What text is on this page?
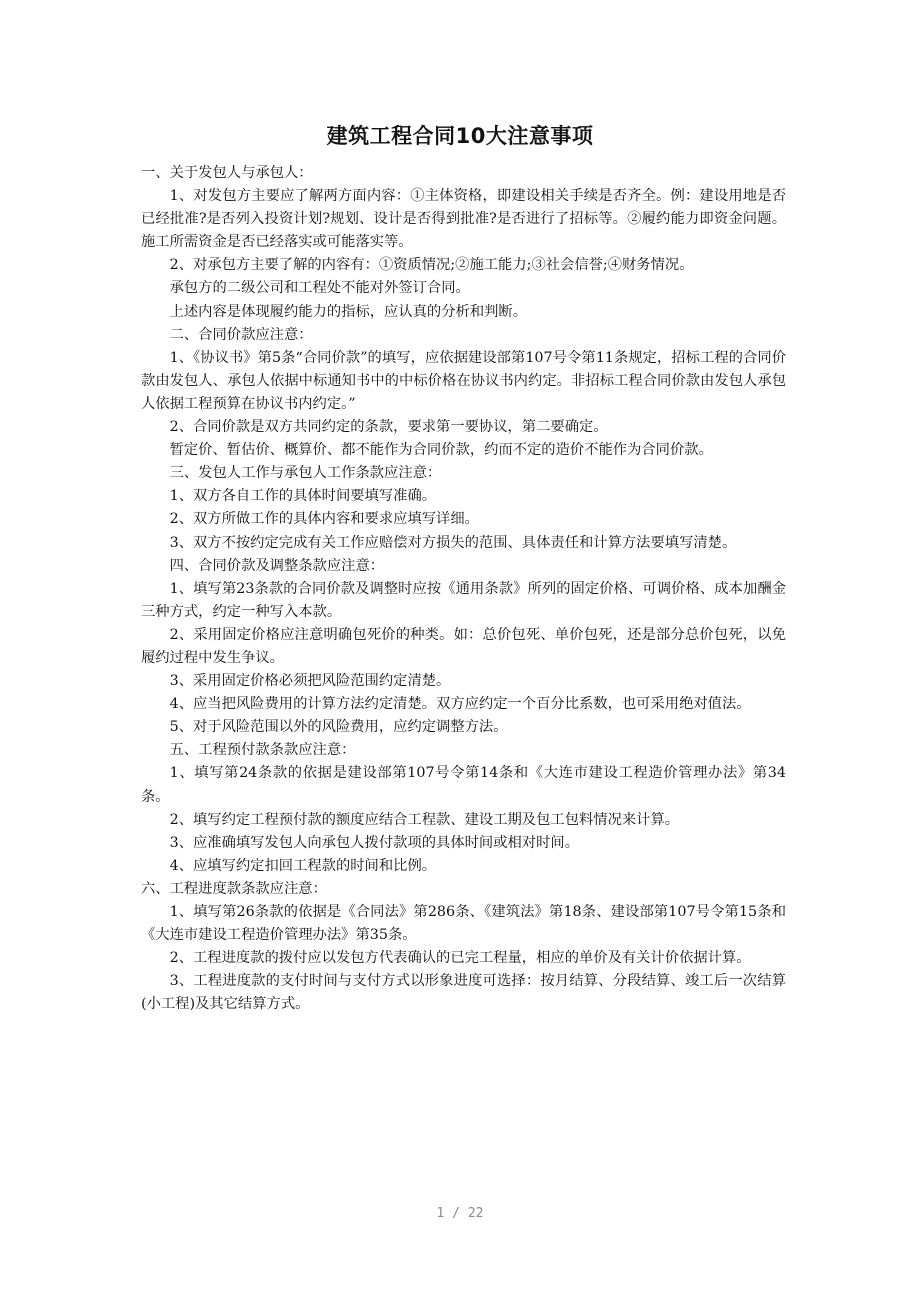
建筑工程合同10大注意事项

一、关于发包人与承包人：

1、对发包方主要应了解两方面内容：①主体资格，即建设相关手续是否齐全。例：建设用地是否已经批准?是否列入投资计划?规划、设计是否得到批准?是否进行了招标等。②履约能力即资金问题。施工所需资金是否已经落实或可能落实等。

2、对承包方主要了解的内容有：①资质情况;②施工能力;③社会信誉;④财务情况。

承包方的二级公司和工程处不能对外签订合同。

上述内容是体现履约能力的指标，应认真的分析和判断。

二、合同价款应注意：

1、《协议书》第5条“合同价款”的填写，应依据建设部第107号令第11条规定，招标工程的合同价款由发包人、承包人依据中标通知书中的中标价格在协议书内约定。非招标工程合同价款由发包人承包人依据工程预算在协议书内约定。”

2、合同价款是双方共同约定的条款，要求第一要协议，第二要确定。

暂定价、暂估价、概算价、都不能作为合同价款，约而不定的造价不能作为合同价款。

三、发包人工作与承包人工作条款应注意：

1、双方各自工作的具体时间要填写准确。

2、双方所做工作的具体内容和要求应填写详细。

3、双方不按约定完成有关工作应赔偿对方损失的范围、具体责任和计算方法要填写清楚。

四、合同价款及调整条款应注意：

1、填写第23条款的合同价款及调整时应按《通用条款》所列的固定价格、可调价格、成本加酬金三种方式，约定一种写入本款。

2、采用固定价格应注意明确包死价的种类。如：总价包死、单价包死，还是部分总价包死，以免履约过程中发生争议。

3、采用固定价格必须把风险范围约定清楚。

4、应当把风险费用的计算方法约定清楚。双方应约定一个百分比系数，也可采用绝对值法。

5、对于风险范围以外的风险费用，应约定调整方法。

五、工程预付款条款应注意：

1、填写第24条款的依据是建设部第107号令第14条和《大连市建设工程造价管理办法》第34条。

2、填写约定工程预付款的额度应结合工程款、建设工期及包工包料情况来计算。

3、应准确填写发包人向承包人拨付款项的具体时间或相对时间。

4、应填写约定扣回工程款的时间和比例。

六、工程进度款条款应注意：

1、填写第26条款的依据是《合同法》第286条、《建筑法》第18条、建设部第107号令第15条和《大连市建设工程造价管理办法》第35条。

2、工程进度款的拨付应以发包方代表确认的已完工程量，相应的单价及有关计价依据计算。

3、工程进度款的支付时间与支付方式以形象进度可选择：按月结算、分段结算、竣工后一次结算(小工程)及其它结算方式。

1 / 22
